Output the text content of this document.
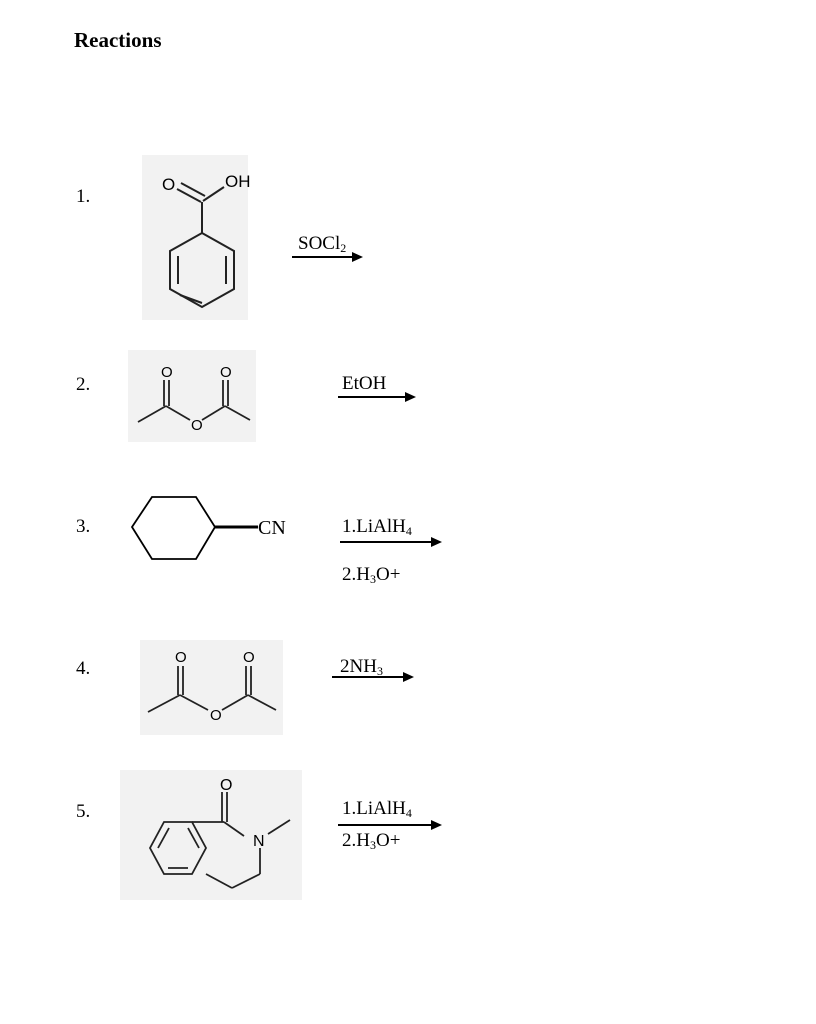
Reactions
1.
O	OH
SOCl$_2$
2.
O
O
O
EtOH
3.	CN	1.LiAlH$_4$
$2.H_3O+$
4.
O
O
O	$2NH_3$
5.
O
N
1.LiAlH$_4$
$2.H_3O+$
